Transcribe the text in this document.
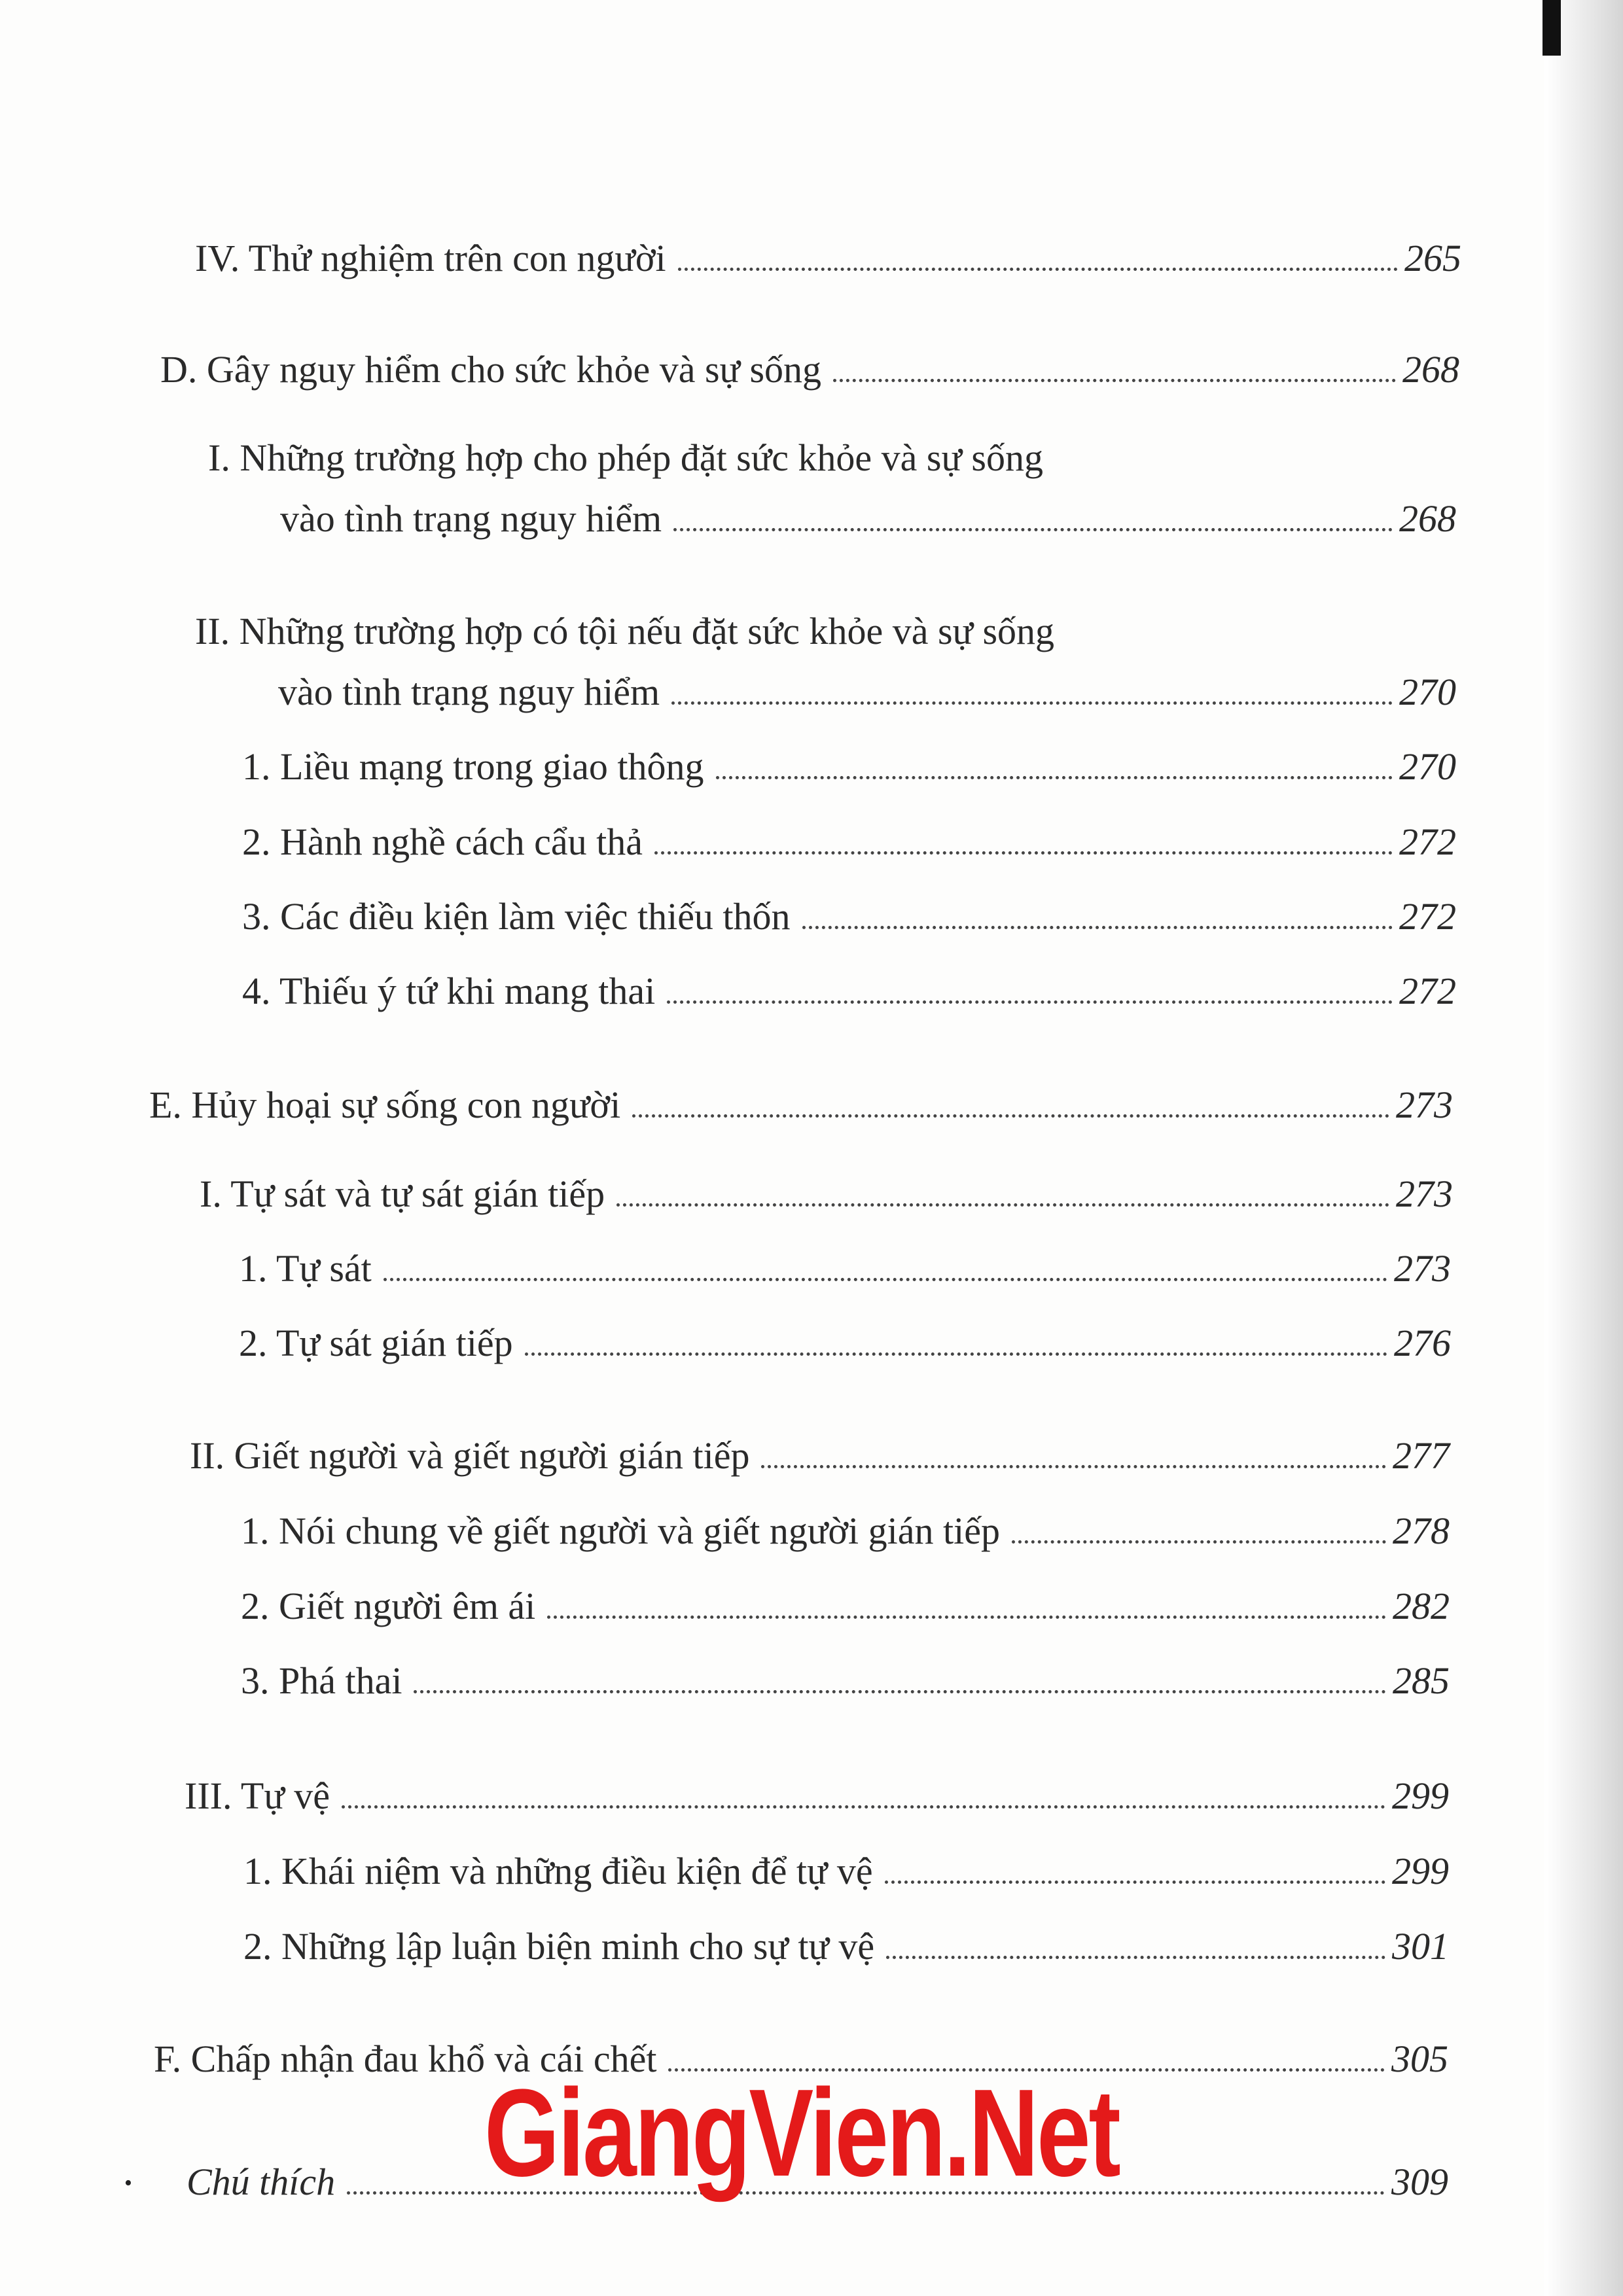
IV. Thử nghiệm trên con người	265
D. Gây nguy hiểm cho sức khỏe và sự sống	268
I. Những trường hợp cho phép đặt sức khỏe và sự sống
vào tình trạng nguy hiểm	268
II. Những trường hợp có tội nếu đặt sức khỏe và sự sống
vào tình trạng nguy hiểm	270
1. Liều mạng trong giao thông	270
2. Hành nghề cách cẩu thả	272
3. Các điều kiện làm việc thiếu thốn	272
4. Thiếu ý tứ khi mang thai	272
E. Hủy hoại sự sống con người	273
I. Tự sát và tự sát gián tiếp	273
1. Tự sát	273
2. Tự sát gián tiếp	276
II. Giết người và giết người gián tiếp	277
1. Nói chung về giết người và giết người gián tiếp	278
2. Giết người êm ái	282
3. Phá thai	285
III. Tự vệ	299
1. Khái niệm và những điều kiện để tự vệ	299
2. Những lập luận biện minh cho sự tự vệ	301
F. Chấp nhận đau khổ và cái chết	305
• Chú thích	309
GiangVien.Net
